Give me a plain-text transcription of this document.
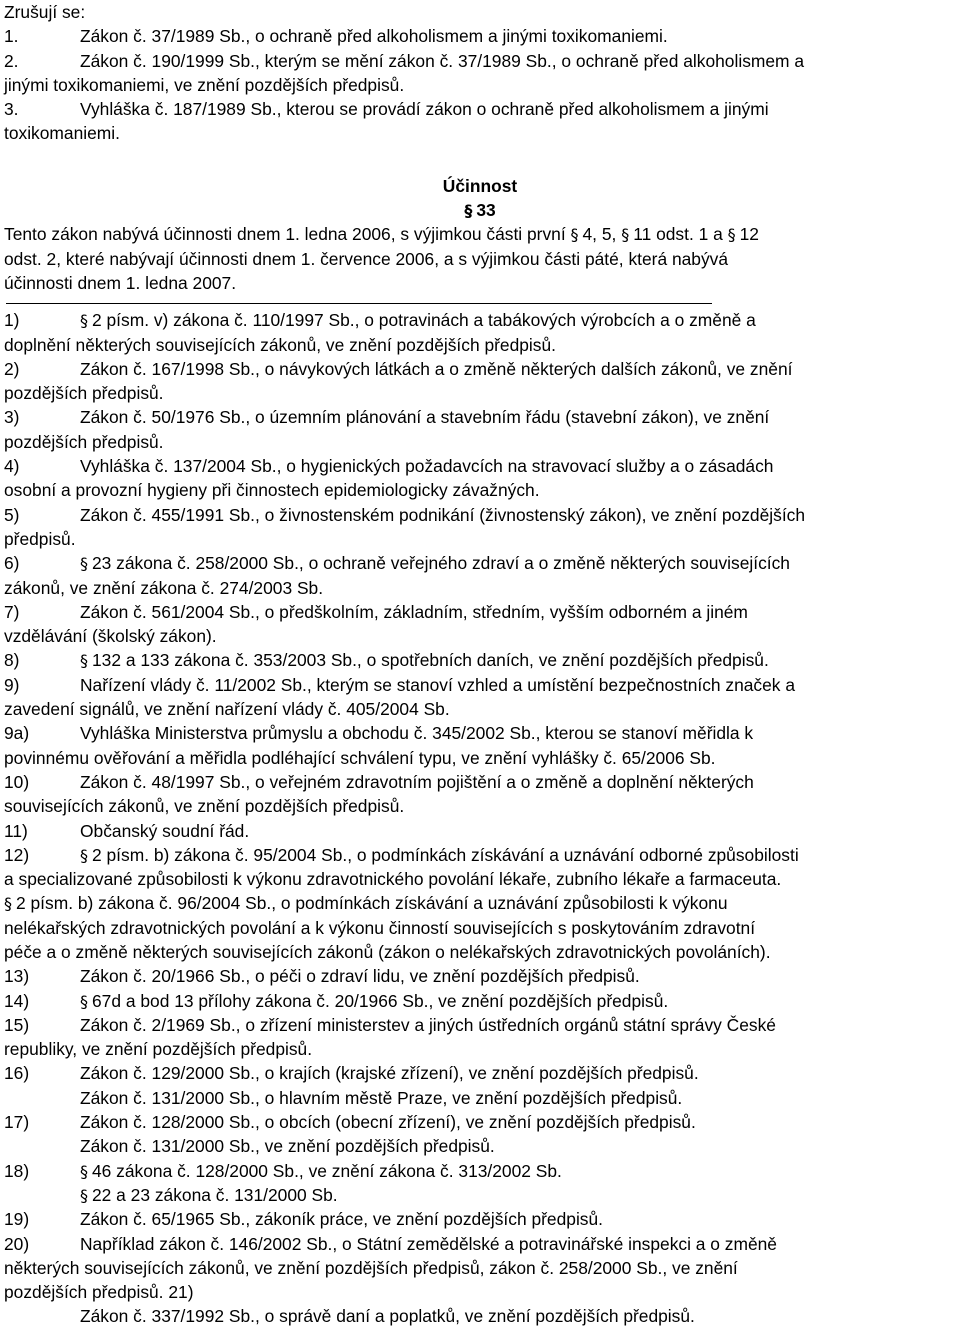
Zrušují se:
1.	Zákon č. 37/1989 Sb., o ochraně před alkoholismem a jinými toxikomaniemi.
2.	Zákon č. 190/1999 Sb., kterým se mění zákon č. 37/1989 Sb., o ochraně před alkoholismem a
jinými toxikomaniemi, ve znění pozdějších předpisů.
3.	Vyhláška č. 187/1989 Sb., kterou se provádí zákon o ochraně před alkoholismem a jinými
toxikomaniemi.
Účinnost
§ 33
Tento zákon nabývá účinnosti dnem 1. ledna 2006, s výjimkou části první § 4, 5, § 11 odst. 1 a § 12
odst. 2, které nabývají účinnosti dnem 1. července 2006, a s výjimkou části páté, která nabývá
účinnosti dnem 1. ledna 2007.
1)	§ 2 písm. v) zákona č. 110/1997 Sb., o potravinách a tabákových výrobcích a o změně a
doplnění některých souvisejících zákonů, ve znění pozdějších předpisů.
2)	Zákon č. 167/1998 Sb., o návykových látkách a o změně některých dalších zákonů, ve znění
pozdějších předpisů.
3)	Zákon č. 50/1976 Sb., o územním plánování a stavebním řádu (stavební zákon), ve znění
pozdějších předpisů.
4)	Vyhláška č. 137/2004 Sb., o hygienických požadavcích na stravovací služby a o zásadách
osobní a provozní hygieny při činnostech epidemiologicky závažných.
5)	Zákon č. 455/1991 Sb., o živnostenském podnikání (živnostenský zákon), ve znění pozdějších
předpisů.
6)	§ 23 zákona č. 258/2000 Sb., o ochraně veřejného zdraví a o změně některých souvisejících
zákonů, ve znění zákona č. 274/2003 Sb.
7)	Zákon č. 561/2004 Sb., o předškolním, základním, středním, vyšším odborném a jiném
vzdělávání (školský zákon).
8)	§ 132 a 133 zákona č. 353/2003 Sb., o spotřebních daních, ve znění pozdějších předpisů.
9)	Nařízení vlády č. 11/2002 Sb., kterým se stanoví vzhled a umístění bezpečnostních značek a
zavedení signálů, ve znění nařízení vlády č. 405/2004 Sb.
9a)	Vyhláška Ministerstva průmyslu a obchodu č. 345/2002 Sb., kterou se stanoví měřidla k
povinnému ověřování a měřidla podléhající schválení typu, ve znění vyhlášky č. 65/2006 Sb.
10)	Zákon č. 48/1997 Sb., o veřejném zdravotním pojištění a o změně a doplnění některých
souvisejících zákonů, ve znění pozdějších předpisů.
11)	Občanský soudní řád.
12)	§ 2 písm. b) zákona č. 95/2004 Sb., o podmínkách získávání a uznávání odborné způsobilosti
a specializované způsobilosti k výkonu zdravotnického povolání lékaře, zubního lékaře a farmaceuta.
§ 2 písm. b) zákona č. 96/2004 Sb., o podmínkách získávání a uznávání způsobilosti k výkonu
nelékařských zdravotnických povolání a k výkonu činností souvisejících s poskytováním zdravotní
péče a o změně některých souvisejících zákonů (zákon o nelékařských zdravotnických povoláních).
13)	Zákon č. 20/1966 Sb., o péči o zdraví lidu, ve znění pozdějších předpisů.
14)	§ 67d a bod 13 přílohy zákona č. 20/1966 Sb., ve znění pozdějších předpisů.
15)	Zákon č. 2/1969 Sb., o zřízení ministerstev a jiných ústředních orgánů státní správy České
republiky, ve znění pozdějších předpisů.
16)	Zákon č. 129/2000 Sb., o krajích (krajské zřízení), ve znění pozdějších předpisů.
Zákon č. 131/2000 Sb., o hlavním městě Praze, ve znění pozdějších předpisů.
17)	Zákon č. 128/2000 Sb., o obcích (obecní zřízení), ve znění pozdějších předpisů.
Zákon č. 131/2000 Sb., ve znění pozdějších předpisů.
18)	§ 46 zákona č. 128/2000 Sb., ve znění zákona č. 313/2002 Sb.
§ 22 a 23 zákona č. 131/2000 Sb.
19)	Zákon č. 65/1965 Sb., zákoník práce, ve znění pozdějších předpisů.
20)	Například zákon č. 146/2002 Sb., o Státní zemědělské a potravinářské inspekci a o změně
některých souvisejících zákonů, ve znění pozdějších předpisů, zákon č. 258/2000 Sb., ve znění
pozdějších předpisů. 21)
Zákon č. 337/1992 Sb., o správě daní a poplatků, ve znění pozdějších předpisů.
